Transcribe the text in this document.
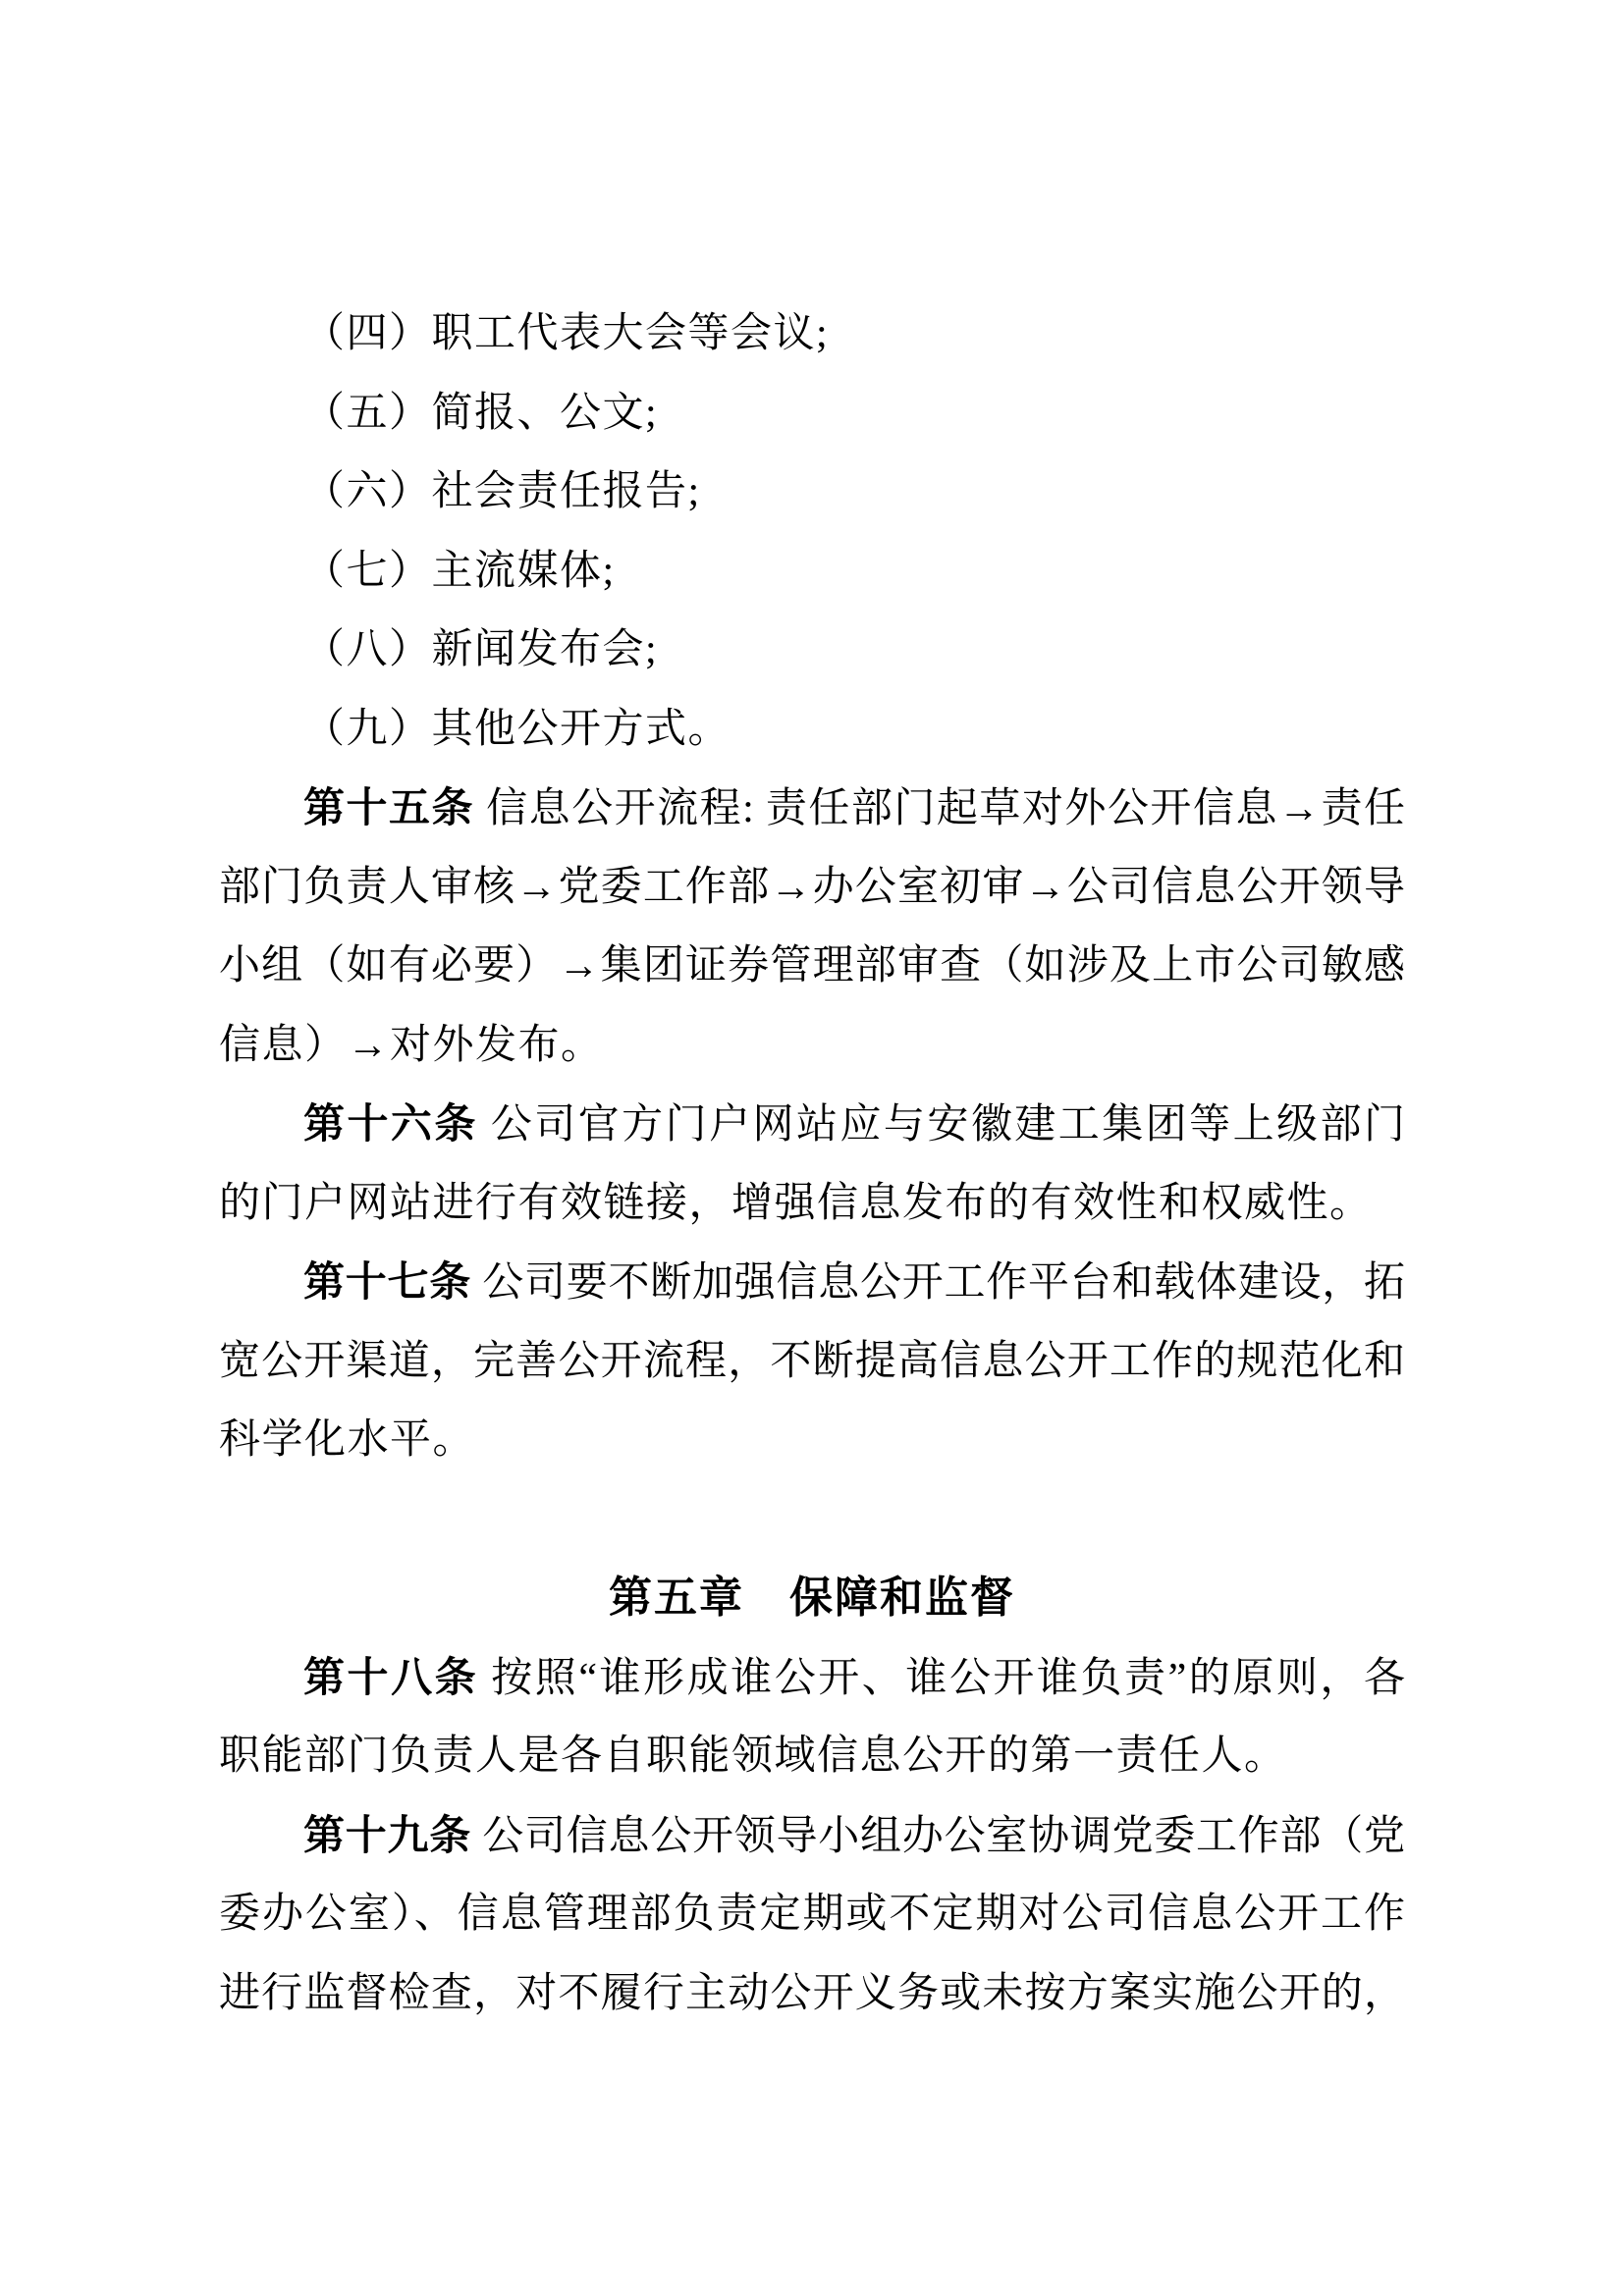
（四）职工代表大会等会议;
（五）简报、公文;
（六）社会责任报告;
（七）主流媒体;
（八）新闻发布会;
（九）其他公开方式。
第十五条 信息公开流程: 责任部门起草对外公开信息→责任
部门负责人审核→党委工作部→办公室初审→公司信息公开领导
小组（如有必要）→集团证券管理部审查（如涉及上市公司敏感
信息）→对外发布。
第十六条 公司官方门户网站应与安徽建工集团等上级部门
的门户网站进行有效链接，增强信息发布的有效性和权威性。
第十七条 公司要不断加强信息公开工作平台和载体建设，拓
宽公开渠道，完善公开流程，不断提高信息公开工作的规范化和
科学化水平。
第五章　保障和监督
第十八条 按照“谁形成谁公开、谁公开谁负责”的原则，各
职能部门负责人是各自职能领域信息公开的第一责任人。
第十九条 公司信息公开领导小组办公室协调党委工作部（党
委办公室）、信息管理部负责定期或不定期对公司信息公开工作
进行监督检查，对不履行主动公开义务或未按方案实施公开的，
